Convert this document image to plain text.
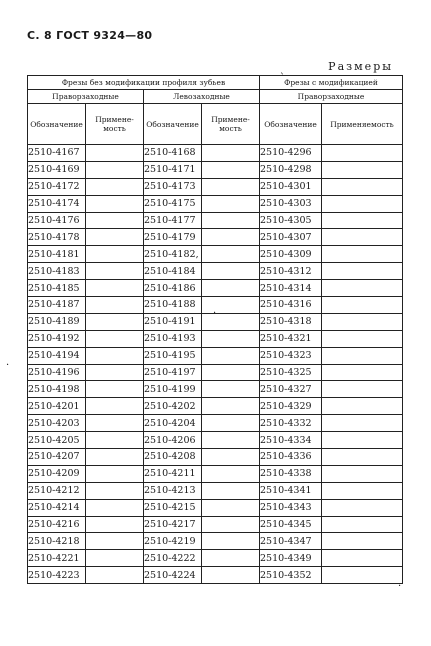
С. 8 ГОСТ 9324—80
Размеры
Фрезы без модификации профиля зубьев				Фрезы с модификацией	
Праворзаходные		Левозаходные		Праворзаходные	
Обозначение	Примене-мость	Обозначение	Примене-мость	Обозначение	Применяемость
2510-4167		2510-4168		2510-4296	
2510-4169		2510-4171		2510-4298	
2510-4172		2510-4173		2510-4301	
2510-4174		2510-4175		2510-4303	
2510-4176		2510-4177		2510-4305	
2510-4178		2510-4179		2510-4307	
2510-4181		2510-4182,		2510-4309	
2510-4183		2510-4184		2510-4312	
2510-4185		2510-4186		2510-4314	
2510-4187		2510-4188		2510-4316	
2510-4189		2510-4191		2510-4318	
2510-4192		2510-4193		2510-4321	
2510-4194		2510-4195		2510-4323	
2510-4196		2510-4197		2510-4325	
2510-4198		2510-4199		2510-4327	
2510-4201		2510-4202		2510-4329	
2510-4203		2510-4204		2510-4332	
2510-4205		2510-4206		2510-4334	
2510-4207		2510-4208		2510-4336	
2510-4209		2510-4211		2510-4338	
2510-4212		2510-4213		2510-4341	
2510-4214		2510-4215		2510-4343	
2510-4216		2510-4217		2510-4345	
2510-4218		2510-4219		2510-4347	
2510-4221		2510-4222		2510-4349	
2510-4223		2510-4224		2510-4352	
ˋ
·
·
·
